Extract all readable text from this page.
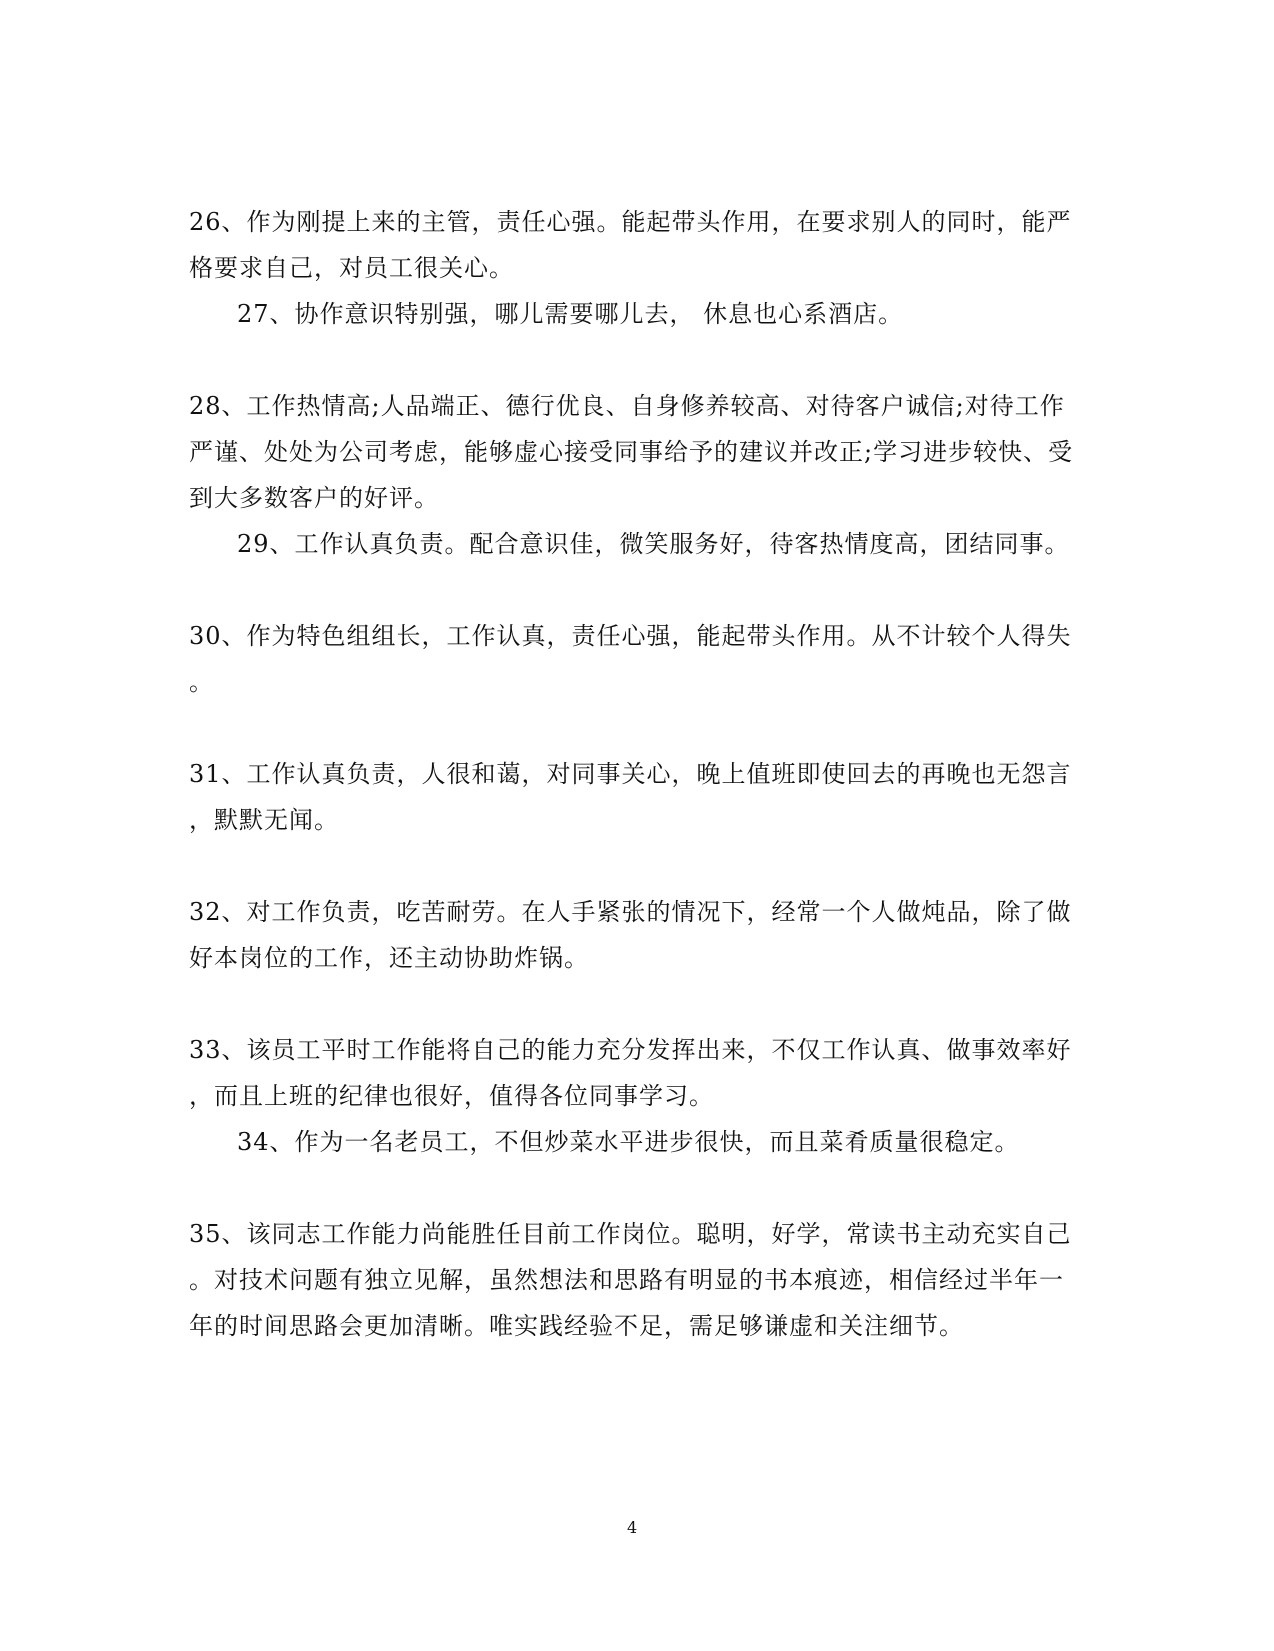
26、作为刚提上来的主管，责任心强。能起带头作用，在要求别人的同时，能严
格要求自己，对员工很关心。
27、协作意识特别强，哪儿需要哪儿去， 休息也心系酒店。
28、工作热情高;人品端正、德行优良、自身修养较高、对待客户诚信;对待工作
严谨、处处为公司考虑，能够虚心接受同事给予的建议并改正;学习进步较快、受
到大多数客户的好评。
29、工作认真负责。配合意识佳，微笑服务好，待客热情度高，团结同事。
30、作为特色组组长，工作认真，责任心强，能起带头作用。从不计较个人得失
。
31、工作认真负责，人很和蔼，对同事关心，晚上值班即使回去的再晚也无怨言
，默默无闻。
32、对工作负责，吃苦耐劳。在人手紧张的情况下，经常一个人做炖品，除了做
好本岗位的工作，还主动协助炸锅。
33、该员工平时工作能将自己的能力充分发挥出来，不仅工作认真、做事效率好
，而且上班的纪律也很好，值得各位同事学习。
34、作为一名老员工，不但炒菜水平进步很快，而且菜肴质量很稳定。
35、该同志工作能力尚能胜任目前工作岗位。聪明，好学，常读书主动充实自己
。对技术问题有独立见解，虽然想法和思路有明显的书本痕迹，相信经过半年一
年的时间思路会更加清晰。唯实践经验不足，需足够谦虚和关注细节。
4
